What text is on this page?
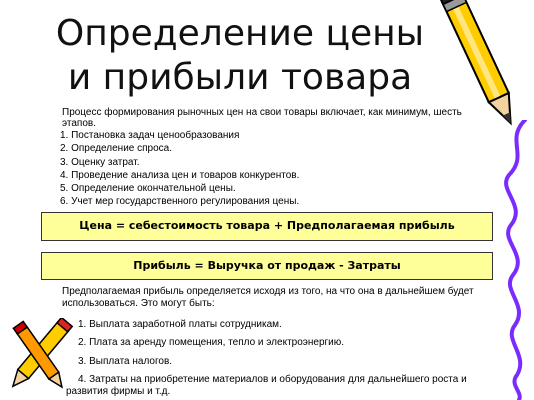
Определение цены и прибыли товара
Процесс формирования рыночных цен на свои товары включает, как минимум, шесть этапов.
1. Постановка задач ценообразования
2. Определение спроса.
3. Оценку затрат.
4. Проведение анализа цен и товаров конкурентов.
5. Определение окончательной цены.
6. Учет мер государственного регулирования цены.
Цена = себестоимость товара + Предполагаемая прибыль
Прибыль = Выручка от продаж - Затраты
Предполагаемая прибыль определяется исходя из того, на что она в дальнейшем будет использоваться. Это могут быть:
1. Выплата заработной платы сотрудникам.
2. Плата за аренду помещения, тепло и электроэнергию.
3. Выплата налогов.
4. Затраты на приобретение материалов и оборудования для дальнейшего роста и развития фирмы и т.д.
